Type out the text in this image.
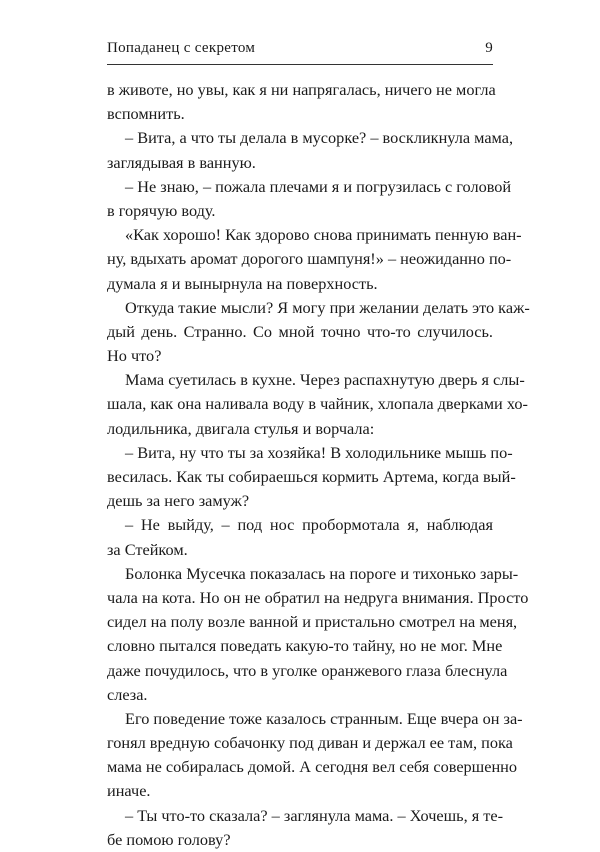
Попаданец с секретом	9
в животе, но увы, как я ни напрягалась, ничего не могла
вспомнить.
– Вита, а что ты делала в мусорке? – воскликнула мама,
заглядывая в ванную.
– Не знаю, – пожала плечами я и погрузилась с головой
в горячую воду.
«Как хорошо! Как здорово снова принимать пенную ван-
ну, вдыхать аромат дорогого шампуня!» – неожиданно по-
думала я и вынырнула на поверхность.
Откуда такие мысли? Я могу при желании делать это каж-
дый день. Странно. Со мной точно что-то случилось.
Но что?
Мама суетилась в кухне. Через распахнутую дверь я слы-
шала, как она наливала воду в чайник, хлопала дверками хо-
лодильника, двигала стулья и ворчала:
– Вита, ну что ты за хозяйка! В холодильнике мышь по-
весилась. Как ты собираешься кормить Артема, когда вый-
дешь за него замуж?
– Не выйду, – под нос пробормотала я, наблюдая
за Стейком.
Болонка Мусечка показалась на пороге и тихонько зары-
чала на кота. Но он не обратил на недруга внимания. Просто
сидел на полу возле ванной и пристально смотрел на меня,
словно пытался поведать какую-то тайну, но не мог. Мне
даже почудилось, что в уголке оранжевого глаза блеснула
слеза.
Его поведение тоже казалось странным. Еще вчера он за-
гонял вредную собачонку под диван и держал ее там, пока
мама не собиралась домой. А сегодня вел себя совершенно
иначе.
– Ты что-то сказала? – заглянула мама. – Хочешь, я те-
бе помою голову?
